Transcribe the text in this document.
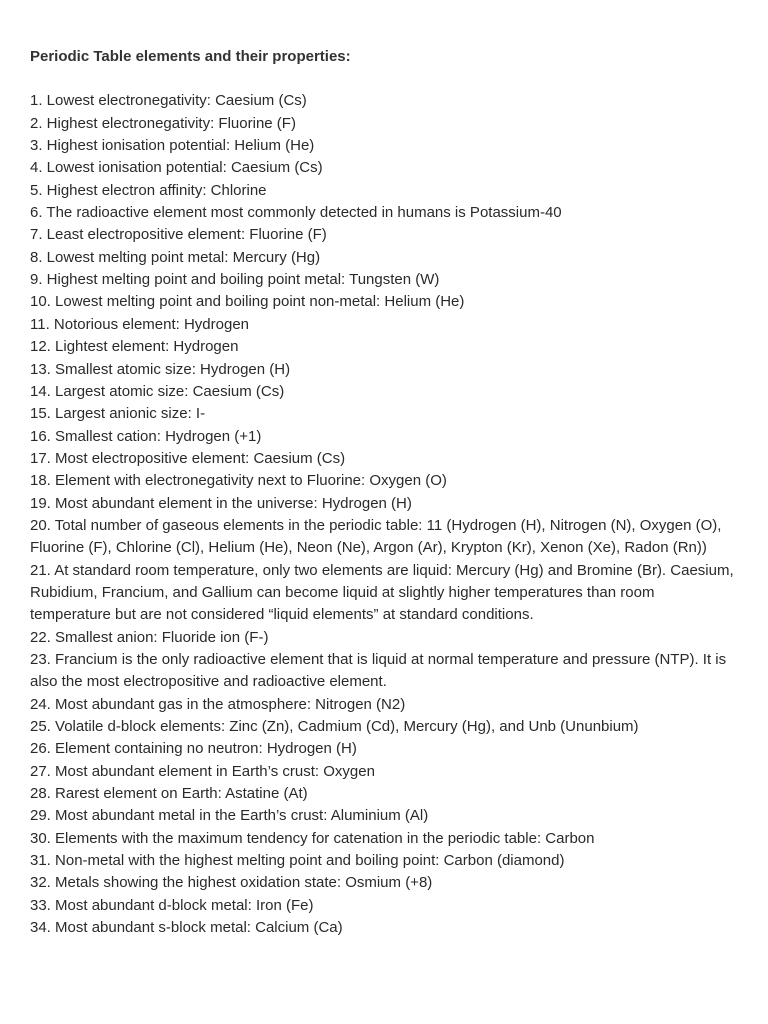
Periodic Table elements and their properties:
1. Lowest electronegativity: Caesium (Cs)
2. Highest electronegativity: Fluorine (F)
3. Highest ionisation potential: Helium (He)
4. Lowest ionisation potential: Caesium (Cs)
5. Highest electron affinity: Chlorine
6. The radioactive element most commonly detected in humans is Potassium-40
7. Least electropositive element: Fluorine (F)
8. Lowest melting point metal: Mercury (Hg)
9. Highest melting point and boiling point metal: Tungsten (W)
10. Lowest melting point and boiling point non-metal: Helium (He)
11. Notorious element: Hydrogen
12. Lightest element: Hydrogen
13. Smallest atomic size: Hydrogen (H)
14. Largest atomic size: Caesium (Cs)
15. Largest anionic size: I-
16. Smallest cation: Hydrogen (+1)
17. Most electropositive element: Caesium (Cs)
18. Element with electronegativity next to Fluorine: Oxygen (O)
19. Most abundant element in the universe: Hydrogen (H)
20. Total number of gaseous elements in the periodic table: 11 (Hydrogen (H), Nitrogen (N), Oxygen (O), Fluorine (F), Chlorine (Cl), Helium (He), Neon (Ne), Argon (Ar), Krypton (Kr), Xenon (Xe), Radon (Rn))
21. At standard room temperature, only two elements are liquid: Mercury (Hg) and Bromine (Br). Caesium, Rubidium, Francium, and Gallium can become liquid at slightly higher temperatures than room temperature but are not considered “liquid elements” at standard conditions.
22. Smallest anion: Fluoride ion (F-)
23. Francium is the only radioactive element that is liquid at normal temperature and pressure (NTP). It is also the most electropositive and radioactive element.
24. Most abundant gas in the atmosphere: Nitrogen (N2)
25. Volatile d-block elements: Zinc (Zn), Cadmium (Cd), Mercury (Hg), and Unb (Ununbium)
26. Element containing no neutron: Hydrogen (H)
27. Most abundant element in Earth’s crust: Oxygen
28. Rarest element on Earth: Astatine (At)
29. Most abundant metal in the Earth’s crust: Aluminium (Al)
30. Elements with the maximum tendency for catenation in the periodic table: Carbon
31. Non-metal with the highest melting point and boiling point: Carbon (diamond)
32. Metals showing the highest oxidation state: Osmium (+8)
33. Most abundant d-block metal: Iron (Fe)
34. Most abundant s-block metal: Calcium (Ca)
